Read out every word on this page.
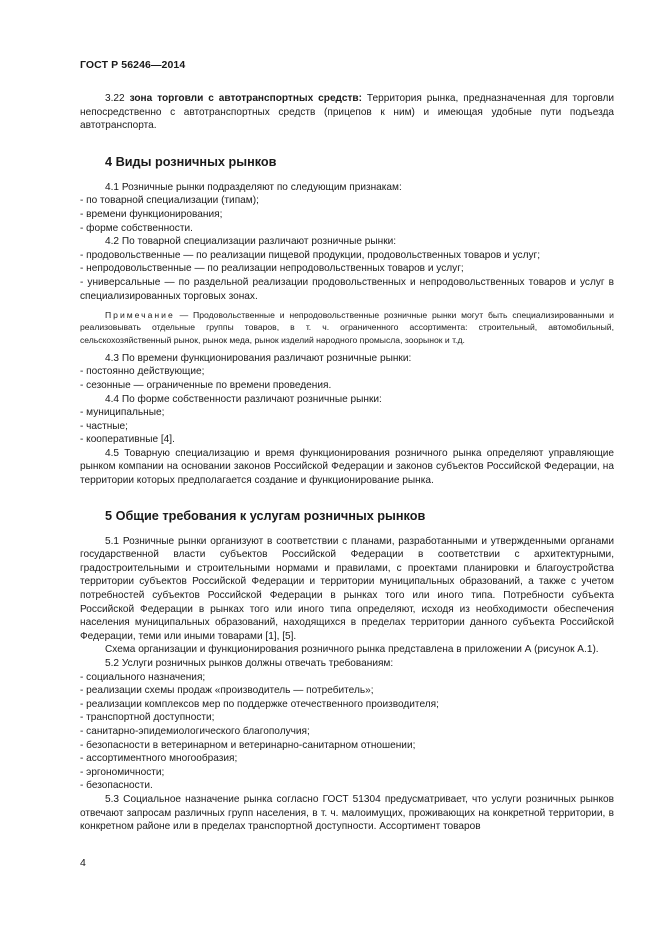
ГОСТ Р 56246—2014

3.22 зона торговли с автотранспортных средств: Территория рынка, предназначенная для торговли непосредственно с автотранспортных средств (прицепов к ним) и имеющая удобные пути подъезда автотранспорта.

4 Виды розничных рынков

4.1 Розничные рынки подразделяют по следующим признакам:

- по товарной специализации (типам);

- времени функционирования;

- форме собственности.

4.2 По товарной специализации различают розничные рынки:

- продовольственные — по реализации пищевой продукции, продовольственных товаров и услуг;

- непродовольственные — по реализации непродовольственных товаров и услуг;

- универсальные — по раздельной реализации продовольственных и непродовольственных товаров и услуг в специализированных торговых зонах.

Примечание — Продовольственные и непродовольственные розничные рынки могут быть специализированными и реализовывать отдельные группы товаров, в т. ч. ограниченного ассортимента: строительный, автомобильный, сельскохозяйственный рынок, рынок меда, рынок изделий народного промысла, зоорынок и т.д.

4.3 По времени функционирования различают розничные рынки:

- постоянно действующие;

- сезонные — ограниченные по времени проведения.

4.4 По форме собственности различают розничные рынки:

- муниципальные;

- частные;

- кооперативные [4].

4.5 Товарную специализацию и время функционирования розничного рынка определяют управляющие рынком компании на основании законов Российской Федерации и законов субъектов Российской Федерации, на территории которых предполагается создание и функционирование рынка.

5 Общие требования к услугам розничных рынков

5.1 Розничные рынки организуют в соответствии с планами, разработанными и утвержденными органами государственной власти субъектов Российской Федерации в соответствии с архитектурными, градостроительными и строительными нормами и правилами, с проектами планировки и благоустройства территории субъектов Российской Федерации и территории муниципальных образований, а также с учетом потребностей субъектов Российской Федерации в рынках того или иного типа. Потребности субъекта Российской Федерации в рынках того или иного типа определяют, исходя из необходимости обеспечения населения муниципальных образований, находящихся в пределах территории данного субъекта Российской Федерации, теми или иными товарами [1], [5].

Схема организации и функционирования розничного рынка представлена в приложении А (рисунок А.1).

5.2 Услуги розничных рынков должны отвечать требованиям:

- социального назначения;

- реализации схемы продаж «производитель — потребитель»;

- реализации комплексов мер по поддержке отечественного производителя;

- транспортной доступности;

- санитарно-эпидемиологического благополучия;

- безопасности в ветеринарном и ветеринарно-санитарном отношении;

- ассортиментного многообразия;

- эргономичности;

- безопасности.

5.3 Социальное назначение рынка согласно ГОСТ 51304 предусматривает, что услуги розничных рынков отвечают запросам различных групп населения, в т. ч. малоимущих, проживающих на конкретной территории, в конкретном районе или в пределах транспортной доступности. Ассортимент товаров

4
